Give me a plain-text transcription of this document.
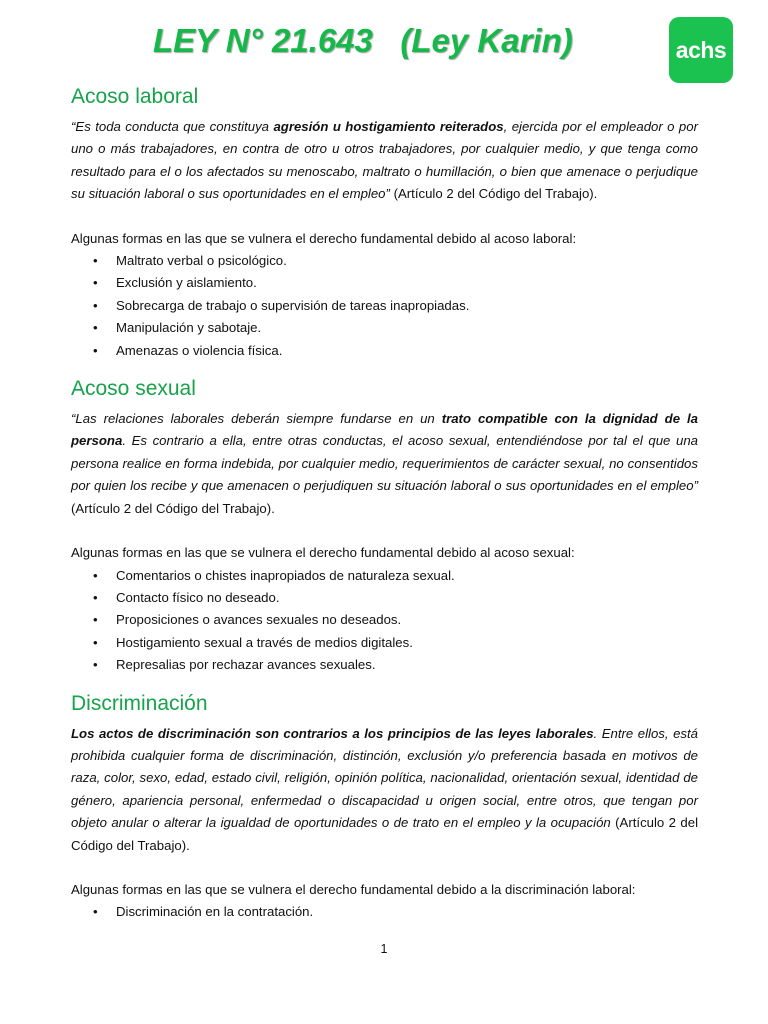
LEY N° 21.643   (Ley Karin)	achs
Acoso laboral

“Es toda conducta que constituya agresión u hostigamiento reiterados, ejercida por el empleador o por uno o más trabajadores, en contra de otro u otros trabajadores, por cualquier medio, y que tenga como resultado para el o los afectados su menoscabo, maltrato o humillación, o bien que amenace o perjudique su situación laboral o sus oportunidades en el empleo” (Artículo 2 del Código del Trabajo).

Algunas formas en las que se vulnera el derecho fundamental debido al acoso laboral:

• Maltrato verbal o psicológico.
• Exclusión y aislamiento.
• Sobrecarga de trabajo o supervisión de tareas inapropiadas.
• Manipulación y sabotaje.
• Amenazas o violencia física.
Acoso sexual

“Las relaciones laborales deberán siempre fundarse en un trato compatible con la dignidad de la persona. Es contrario a ella, entre otras conductas, el acoso sexual, entendiéndose por tal el que una persona realice en forma indebida, por cualquier medio, requerimientos de carácter sexual, no consentidos por quien los recibe y que amenacen o perjudiquen su situación laboral o sus oportunidades en el empleo” (Artículo 2 del Código del Trabajo).

Algunas formas en las que se vulnera el derecho fundamental debido al acoso sexual:

• Comentarios o chistes inapropiados de naturaleza sexual.
• Contacto físico no deseado.
• Proposiciones o avances sexuales no deseados.
• Hostigamiento sexual a través de medios digitales.
• Represalias por rechazar avances sexuales.
Discriminación

Los actos de discriminación son contrarios a los principios de las leyes laborales. Entre ellos, está prohibida cualquier forma de discriminación, distinción, exclusión y/o preferencia basada en motivos de raza, color, sexo, edad, estado civil, religión, opinión política, nacionalidad, orientación sexual, identidad de género, apariencia personal, enfermedad o discapacidad u origen social, entre otros, que tengan por objeto anular o alterar la igualdad de oportunidades o de trato en el empleo y la ocupación (Artículo 2 del Código del Trabajo).

Algunas formas en las que se vulnera el derecho fundamental debido a la discriminación laboral:

• Discriminación en la contratación.
1
